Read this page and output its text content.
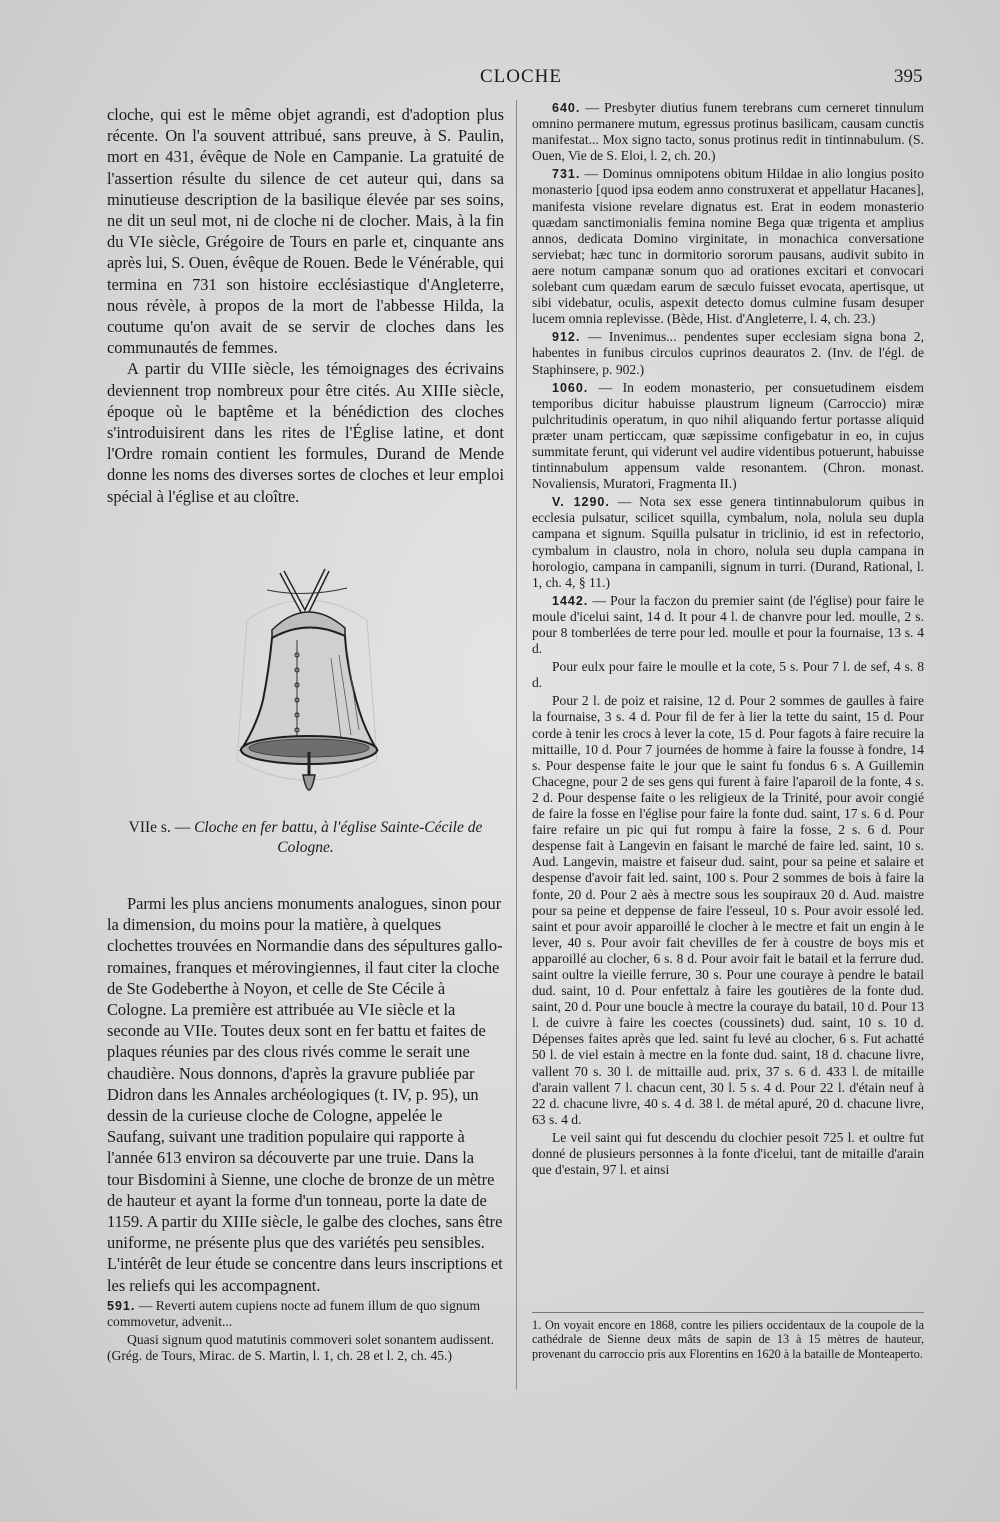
CLOCHE	395

cloche, qui est le même objet agrandi, est d'adoption plus récente. On l'a souvent attribué, sans preuve, à S. Paulin, mort en 431, évêque de Nole en Campanie. La gratuité de l'assertion résulte du silence de cet auteur qui, dans sa minutieuse description de la basilique élevée par ses soins, ne dit un seul mot, ni de cloche ni de clocher. Mais, à la fin du VIe siècle, Grégoire de Tours en parle et, cinquante ans après lui, S. Ouen, évêque de Rouen. Bede le Vénérable, qui termina en 731 son histoire ecclésiastique d'Angleterre, nous révèle, à propos de la mort de l'abbesse Hilda, la coutume qu'on avait de se servir de cloches dans les communautés de femmes.

A partir du VIIIe siècle, les témoignages des écrivains deviennent trop nombreux pour être cités. Au XIIIe siècle, époque où le baptême et la bénédiction des cloches s'introduisirent dans les rites de l'Église latine, et dont l'Ordre romain contient les formules, Durand de Mende donne les noms des diverses sortes de cloches et leur emploi spécial à l'église et au cloître.

VIIe s. — Cloche en fer battu, à l'église Sainte-Cécile de Cologne.

Parmi les plus anciens monuments analogues, sinon pour la dimension, du moins pour la matière, à quelques clochettes trouvées en Normandie dans des sépultures gallo-romaines, franques et mérovingiennes, il faut citer la cloche de Ste Godeberthe à Noyon, et celle de Ste Cécile à Cologne. La première est attribuée au VIe siècle et la seconde au VIIe. Toutes deux sont en fer battu et faites de plaques réunies par des clous rivés comme le serait une chaudière. Nous donnons, d'après la gravure publiée par Didron dans les Annales archéologiques (t. IV, p. 95), un dessin de la curieuse cloche de Cologne, appelée le Saufang, suivant une tradition populaire qui rapporte à l'année 613 environ sa découverte par une truie. Dans la tour Bisdomini à Sienne, une cloche de bronze de un mètre de hauteur et ayant la forme d'un tonneau, porte la date de 1159. A partir du XIIIe siècle, le galbe des cloches, sans être uniforme, ne présente plus que des variétés peu sensibles. L'intérêt de leur étude se concentre dans leurs inscriptions et les reliefs qui les accompagnent.

591. — Reverti autem cupiens nocte ad funem illum de quo signum commovetur, advenit...

Quasi signum quod matutinis commoveri solet sonantem audissent. (Grég. de Tours, Mirac. de S. Martin, l. 1, ch. 28 et l. 2, ch. 45.)

640. — Presbyter diutius funem terebrans cum cerneret tinnulum omnino permanere mutum, egressus protinus basilicam, causam cunctis manifestat... Mox signo tacto, sonus protinus redit in tintinnabulum. (S. Ouen, Vie de S. Eloi, l. 2, ch. 20.)

731. — Dominus omnipotens obitum Hildae in alio longius posito monasterio [quod ipsa eodem anno construxerat et appellatur Hacanes], manifesta visione revelare dignatus est. Erat in eodem monasterio quædam sanctimonialis femina nomine Bega quæ trigenta et amplius annos, dedicata Domino virginitate, in monachica conversatione serviebat; hæc tunc in dormitorio sororum pausans, audivit subito in aere notum campanæ sonum quo ad orationes excitari et convocari solebant cum quædam earum de sæculo fuisset evocata, apertisque, ut sibi videbatur, oculis, aspexit detecto domus culmine fusam desuper lucem omnia replevisse. (Bède, Hist. d'Angleterre, l. 4, ch. 23.)

912. — Invenimus... pendentes super ecclesiam signa bona 2, habentes in funibus circulos cuprinos deauratos 2. (Inv. de l'égl. de Staphinsere, p. 902.)

1060. — In eodem monasterio, per consuetudinem eisdem temporibus dicitur habuisse plaustrum ligneum (Carroccio) miræ pulchritudinis operatum, in quo nihil aliquando fertur portasse aliquid præter unam perticcam, quæ sæpissime configebatur in eo, in cujus summitate ferunt, qui viderunt vel audire videntibus potuerunt, habuisse tintinnabulum appensum valde resonantem. (Chron. monast. Novaliensis, Muratori, Fragmenta II.)

V. 1290. — Nota sex esse genera tintinnabulorum quibus in ecclesia pulsatur, scilicet squilla, cymbalum, nola, nolula seu dupla campana et signum. Squilla pulsatur in triclinio, id est in refectorio, cymbalum in claustro, nola in choro, nolula seu dupla campana in horologio, campana in campanili, signum in turri. (Durand, Rational, l. 1, ch. 4, § 11.)

1442. — Pour la faczon du premier saint (de l'église) pour faire le moule d'icelui saint, 14 d. It pour 4 l. de chanvre pour led. moulle, 2 s. pour 8 tomberlées de terre pour led. moulle et pour la fournaise, 13 s. 4 d.

Pour eulx pour faire le moulle et la cote, 5 s. Pour 7 l. de sef, 4 s. 8 d.

Pour 2 l. de poiz et raisine, 12 d. Pour 2 sommes de gaulles à faire la fournaise, 3 s. 4 d. Pour fil de fer à lier la tette du saint, 15 d. Pour corde à tenir les crocs à lever la cote, 15 d. Pour fagots à faire recuire la mittaille, 10 d. Pour 7 journées de homme à faire la fousse à fondre, 14 s. Pour despense faite le jour que le saint fu fondus 6 s. A Guillemin Chacegne, pour 2 de ses gens qui furent à faire l'aparoil de la fonte, 4 s. 2 d. Pour despense faite o les religieux de la Trinité, pour avoir congié de faire la fosse en l'église pour faire la fonte dud. saint, 17 s. 6 d. Pour faire refaire un pic qui fut rompu à faire la fosse, 2 s. 6 d. Pour despense fait à Langevin en faisant le marché de faire led. saint, 10 s. Aud. Langevin, maistre et faiseur dud. saint, pour sa peine et salaire et despense d'avoir fait led. saint, 100 s. Pour 2 sommes de bois à faire la fonte, 20 d. Pour 2 aès à mectre sous les soupiraux 20 d. Aud. maistre pour sa peine et deppense de faire l'esseul, 10 s. Pour avoir essolé led. saint et pour avoir apparoillé le clocher à le mectre et fait un engin à le lever, 40 s. Pour avoir fait chevilles de fer à coustre de boys mis et apparoillé au clocher, 6 s. 8 d. Pour avoir fait le batail et la ferrure dud. saint oultre la vieille ferrure, 30 s. Pour une courayе à pendre le batail dud. saint, 10 d. Pour enfettalz à faire les goutières de la fonte dud. saint, 20 d. Pour une boucle à mectre la courayе du batail, 10 d. Pour 13 l. de cuivre à faire les coectes (coussinets) dud. saint, 10 s. 10 d. Dépenses faites après que led. saint fu levé au clocher, 6 s. Fut achatté 50 l. de viel estain à mectre en la fonte dud. saint, 18 d. chacune livre, vallent 70 s. 30 l. de mittaille aud. prix, 37 s. 6 d. 433 l. de mitaille d'arain vallent 7 l. chacun cent, 30 l. 5 s. 4 d. Pour 22 l. d'étain neuf à 22 d. chacune livre, 40 s. 4 d. 38 l. de métal apuré, 20 d. chacune livre, 63 s. 4 d.

Le veil saint qui fut descendu du clochier pesoit 725 l. et oultre fut donné de plusieurs personnes à la fonte d'icelui, tant de mitaille d'arain que d'estain, 97 l. et ainsi

1. On voyait encore en 1868, contre les piliers occidentaux de la coupole de la cathédrale de Sienne deux mâts de sapin de 13 à 15 mètres de hauteur, provenant du carroccio pris aux Florentins en 1620 à la bataille de Monteaperto.
